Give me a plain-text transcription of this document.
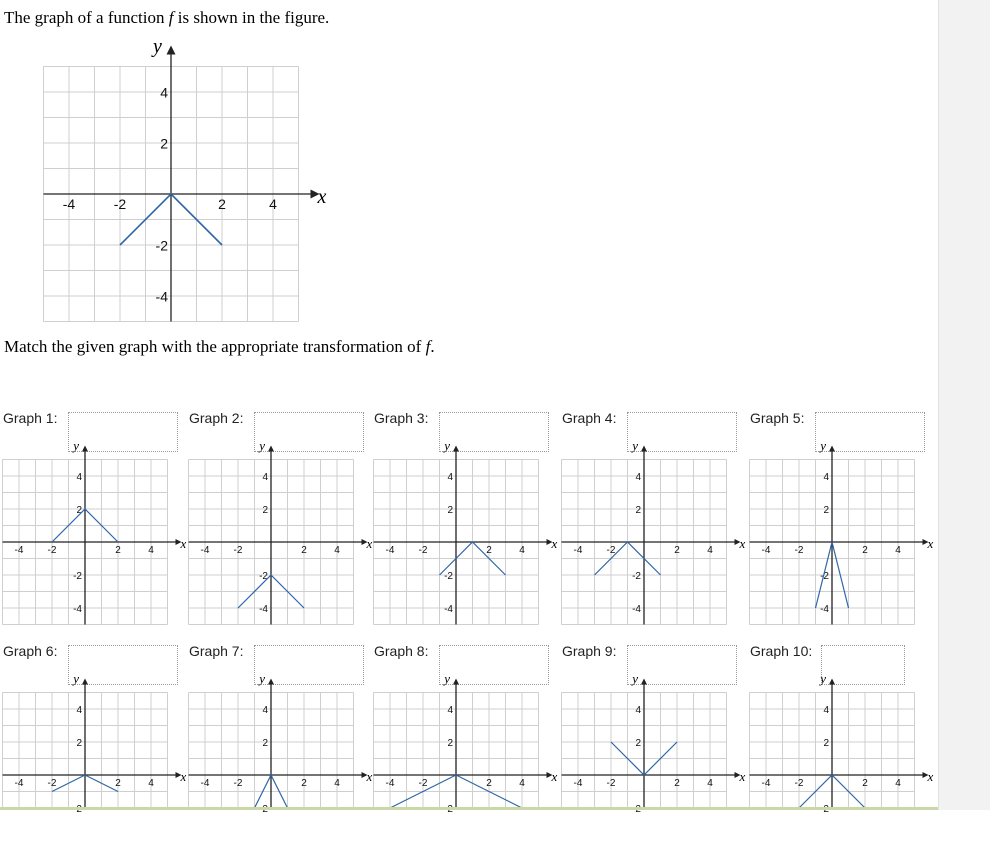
The graph of a function f is shown in the figure.
x
y
-4	-2	2	4
4
2
-2
-4
Match the given graph with the appropriate transformation of f.
Graph 1:
x
y
-4 -2	2	4
4
2
-2
-4
Graph 2:
x
y
-4 -2	2	4
4
2
-2
-4
Graph 3:
x
y
-4 -2	2	4
4
2
-2
-4
Graph 4:
x
y
-4 -2	2	4
4
2
-2
-4
Graph 5:
x
y
-4 -2	2	4
4
2
-2
-4
Graph 6:
x
y
-4 -2	2	4
4
2
Graph 7:
x
y
-4 -2	2	4
4
2
Graph 8:
x
y
-4 -2	2	4
4
2
Graph 9:
x
y
-4 -2	2	4
4
2
Graph 10:
x
y
-4 -2	2	4
4
2
